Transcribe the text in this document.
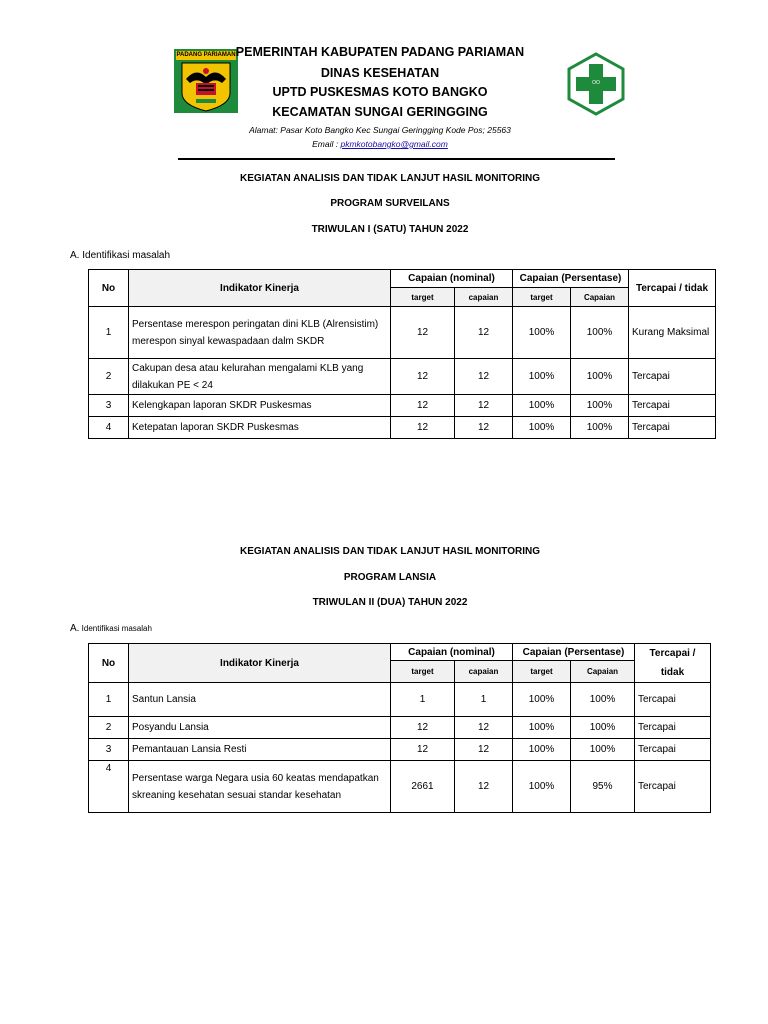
PADANG PARIAMAN
OO
PEMERINTAH KABUPATEN PADANG PARIAMAN
DINAS KESEHATAN
UPTD PUSKESMAS KOTO BANGKO
KECAMATAN SUNGAI GERINGGING
Alamat: Pasar Koto Bangko Kec Sungai Geringging Kode Pos; 25563
Email : pkmkotobangko@gmail.com
KEGIATAN ANALISIS DAN TIDAK LANJUT HASIL MONITORING
PROGRAM SURVEILANS
TRIWULAN I (SATU) TAHUN 2022
A. Identifikasi masalah
No	Indikator Kinerja	Capaian (nominal)		Capaian (Persentase)		Tercapai / tidak
		target	capaian	target	Capaian	
1	Persentase merespon peringatan dini KLB (Alrensistim) merespon sinyal kewaspadaan dalm SKDR	12	12	100%	100%	Kurang Maksimal
2	Cakupan desa atau kelurahan mengalami KLB yang dilakukan PE < 24	12	12	100%	100%	Tercapai
3	Kelengkapan laporan SKDR Puskesmas	12	12	100%	100%	Tercapai
4	Ketepatan laporan SKDR Puskesmas	12	12	100%	100%	Tercapai
KEGIATAN ANALISIS DAN TIDAK LANJUT HASIL MONITORING
PROGRAM LANSIA
TRIWULAN II (DUA) TAHUN 2022
A. Identifikasi masalah
No	Indikator Kinerja	Capaian (nominal)		Capaian (Persentase)		Tercapai / tidak
		target	capaian	target	Capaian	
1	Santun Lansia	1	1	100%	100%	Tercapai
2	Posyandu Lansia	12	12	100%	100%	Tercapai
3	Pemantauan Lansia Resti	12	12	100%	100%	Tercapai
4	Persentase warga Negara usia 60 keatas mendapatkan skreaning kesehatan sesuai standar kesehatan	2661	12	100%	95%	Tercapai
